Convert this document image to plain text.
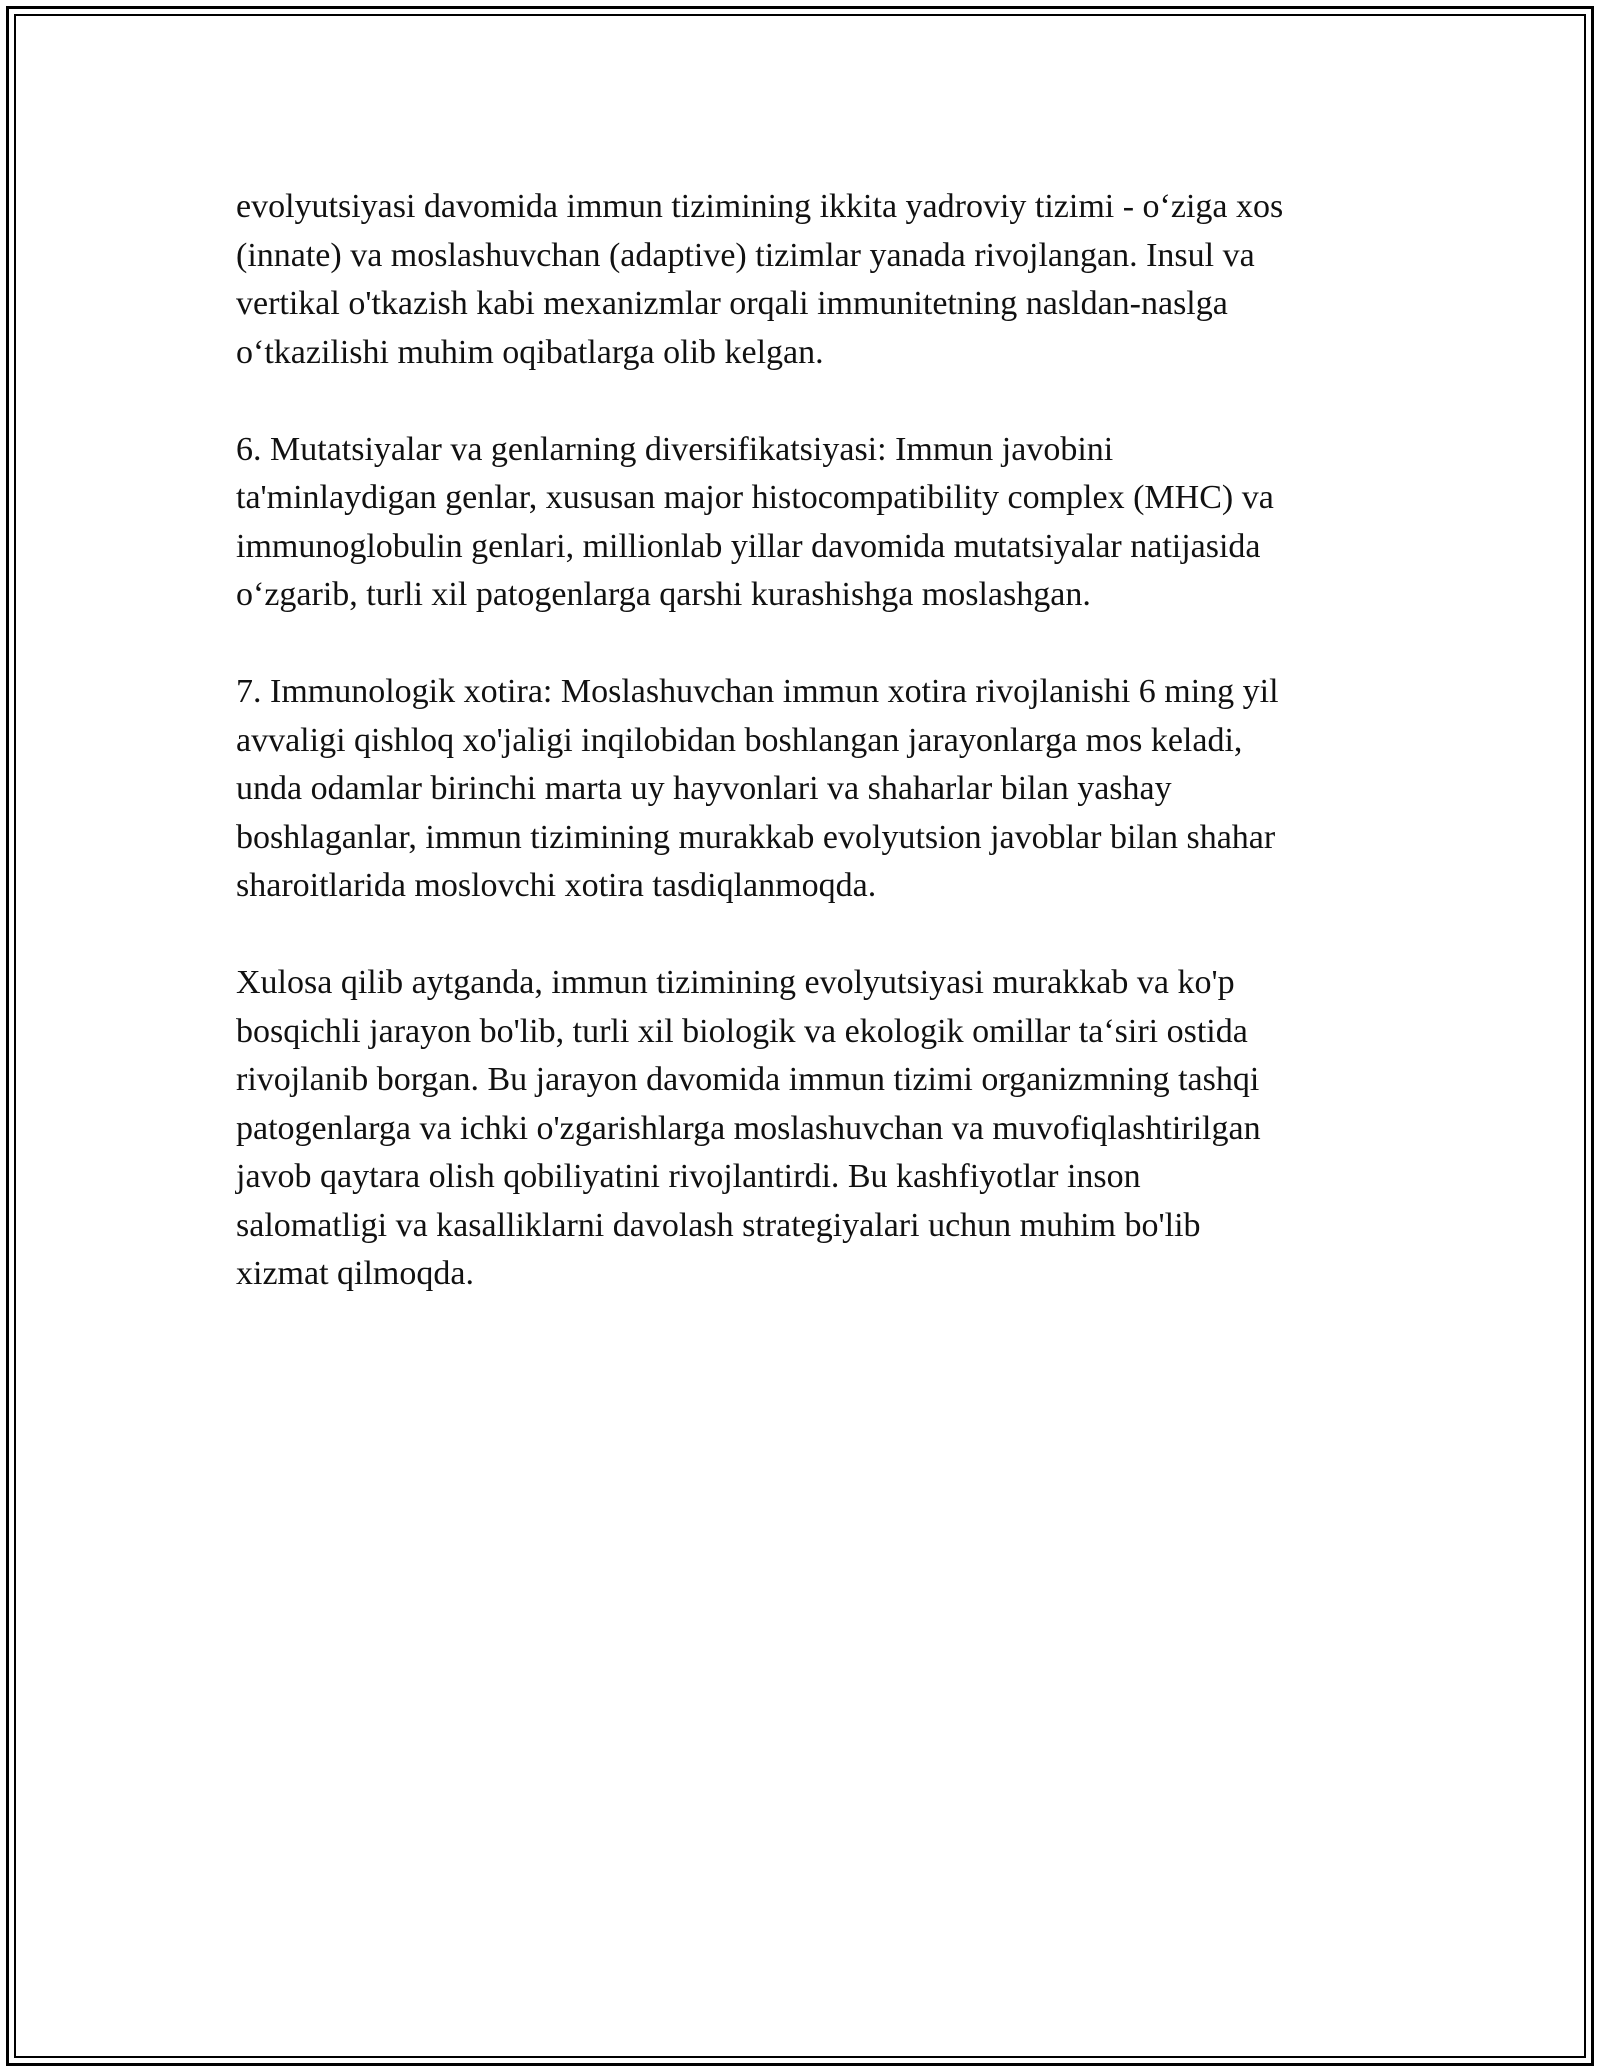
evolyutsiyasi davomida immun tizimining ikkita yadroviy tizimi - o‘ziga xos
(innate) va moslashuvchan (adaptive) tizimlar yanada rivojlangan. Insul va
vertikal o'tkazish kabi mexanizmlar orqali immunitetning nasldan-naslga
o‘tkazilishi muhim oqibatlarga olib kelgan.

6. Mutatsiyalar va genlarning diversifikatsiyasi: Immun javobini
ta'minlaydigan genlar, xususan major histocompatibility complex (MHC) va
immunoglobulin genlari, millionlab yillar davomida mutatsiyalar natijasida
o‘zgarib, turli xil patogenlarga qarshi kurashishga moslashgan.

7. Immunologik xotira: Moslashuvchan immun xotira rivojlanishi 6 ming yil
avvaligi qishloq xo'jaligi inqilobidan boshlangan jarayonlarga mos keladi,
unda odamlar birinchi marta uy hayvonlari va shaharlar bilan yashay
boshlaganlar, immun tizimining murakkab evolyutsion javoblar bilan shahar
sharoitlarida moslovchi xotira tasdiqlanmoqda.

Xulosa qilib aytganda, immun tizimining evolyutsiyasi murakkab va ko'p
bosqichli jarayon bo'lib, turli xil biologik va ekologik omillar ta‘siri ostida
rivojlanib borgan. Bu jarayon davomida immun tizimi organizmning tashqi
patogenlarga va ichki o'zgarishlarga moslashuvchan va muvofiqlashtirilgan
javob qaytara olish qobiliyatini rivojlantirdi. Bu kashfiyotlar inson
salomatligi va kasalliklarni davolash strategiyalari uchun muhim bo'lib
xizmat qilmoqda.
